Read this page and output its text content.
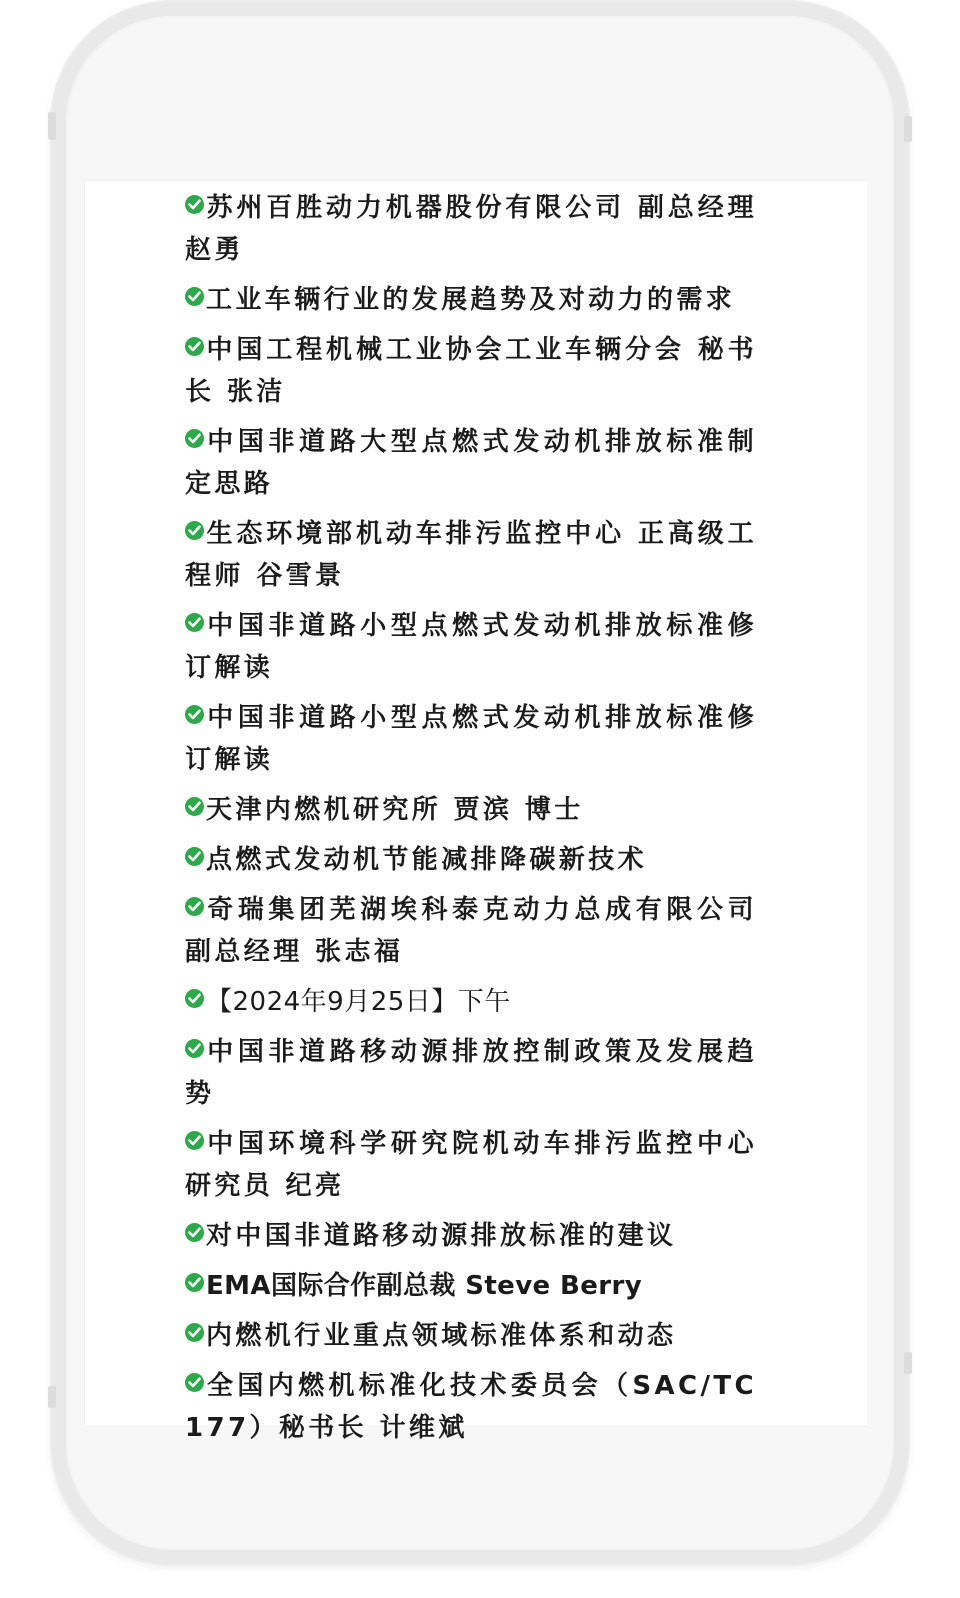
苏州百胜动力机器股份有限公司 副总经理 赵勇
工业车辆行业的发展趋势及对动力的需求
中国工程机械工业协会工业车辆分会 秘书长 张洁
中国非道路大型点燃式发动机排放标准制定思路
生态环境部机动车排污监控中心 正高级工程师 谷雪景
中国非道路小型点燃式发动机排放标准修订解读
中国非道路小型点燃式发动机排放标准修订解读
天津内燃机研究所 贾滨 博士
点燃式发动机节能减排降碳新技术
奇瑞集团芜湖埃科泰克动力总成有限公司副总经理 张志福
【2024年9月25日】下午
中国非道路移动源排放控制政策及发展趋势
中国环境科学研究院机动车排污监控中心研究员 纪亮
对中国非道路移动源排放标准的建议
EMA国际合作副总裁 Steve Berry
内燃机行业重点领域标准体系和动态
全国内燃机标准化技术委员会（SAC/TC177）秘书长 计维斌
